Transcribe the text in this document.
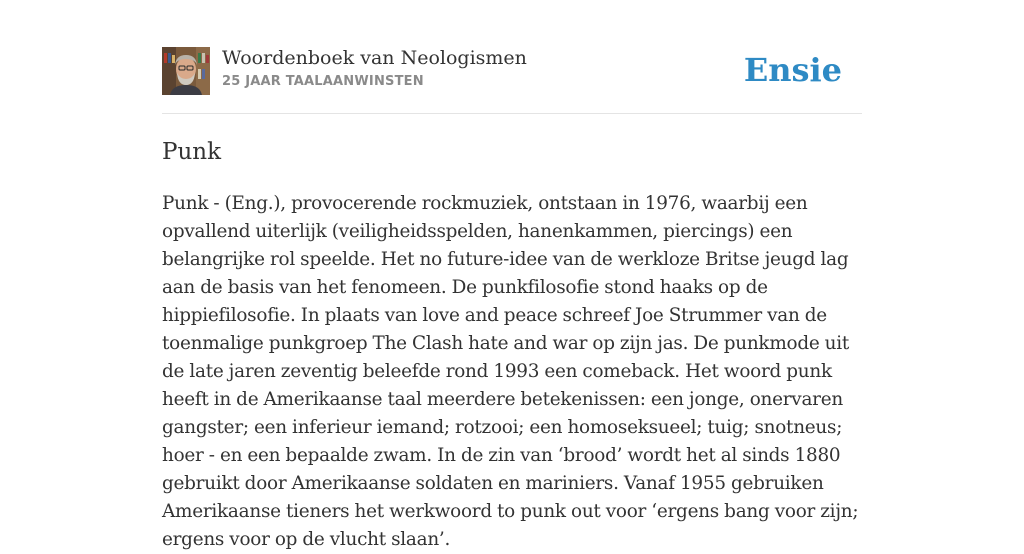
Woordenboek van Neologismen
25 JAAR TAALAANWINSTEN	Ensie
Punk

Punk - (Eng.), provocerende rockmuziek, ontstaan in 1976, waarbij een opvallend uiterlijk (veiligheidsspelden, hanenkammen, piercings) een belangrijke rol speelde. Het no future-idee van de werkloze Britse jeugd lag aan de basis van het fenomeen. De punkfilosofie stond haaks op de hippiefilosofie. In plaats van love and peace schreef Joe Strummer van de toenmalige punkgroep The Clash hate and war op zijn jas. De punkmode uit de late jaren zeventig beleefde rond 1993 een comeback. Het woord punk heeft in de Amerikaanse taal meerdere betekenissen: een jonge, onervaren gangster; een inferieur iemand; rotzooi; een homoseksueel; tuig; snotneus; hoer - en een bepaalde zwam. In de zin van ‘brood’ wordt het al sinds 1880 gebruikt door Amerikaanse soldaten en mariniers. Vanaf 1955 gebruiken Amerikaanse tieners het werkwoord to punk out voor ‘ergens bang voor zijn; ergens voor op de vlucht slaan’.
